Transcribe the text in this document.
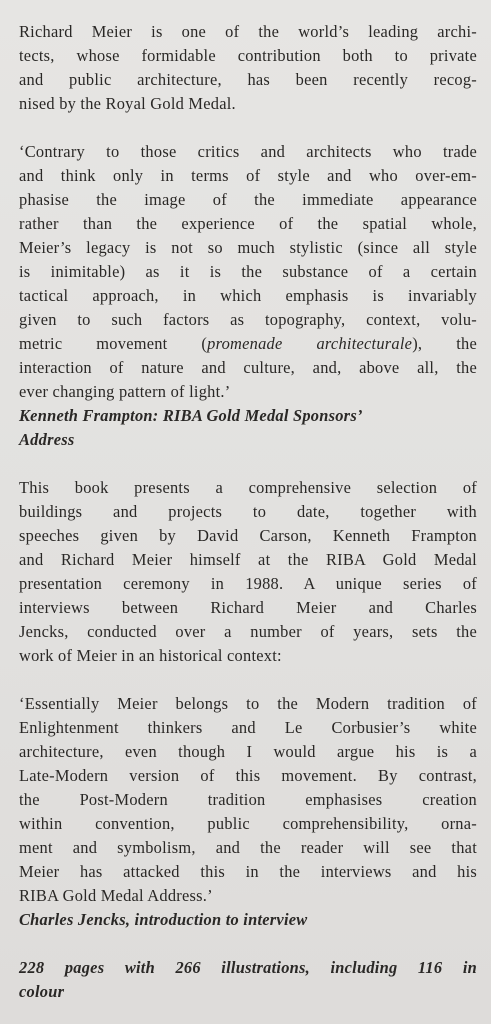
Richard Meier is one of the world’s leading archi-
tects, whose formidable contribution both to private
and public architecture, has been recently recog-
nised by the Royal Gold Medal.
‘Contrary to those critics and architects who trade
and think only in terms of style and who over-em-
phasise the image of the immediate appearance
rather than the experience of the spatial whole,
Meier’s legacy is not so much stylistic (since all style
is inimitable) as it is the substance of a certain
tactical approach, in which emphasis is invariably
given to such factors as topography, context, volu-
metric movement (promenade architecturale), the
interaction of nature and culture, and, above all, the
ever changing pattern of light.’
Kenneth Frampton: RIBA Gold Medal Sponsors’
Address
This book presents a comprehensive selection of
buildings and projects to date, together with
speeches given by David Carson, Kenneth Frampton
and Richard Meier himself at the RIBA Gold Medal
presentation ceremony in 1988. A unique series of
interviews between Richard Meier and Charles
Jencks, conducted over a number of years, sets the
work of Meier in an historical context:
‘Essentially Meier belongs to the Modern tradition of
Enlightenment thinkers and Le Corbusier’s white
architecture, even though I would argue his is a
Late-Modern version of this movement. By contrast,
the Post-Modern tradition emphasises creation
within convention, public comprehensibility, orna-
ment and symbolism, and the reader will see that
Meier has attacked this in the interviews and his
RIBA Gold Medal Address.’
Charles Jencks, introduction to interview
228 pages with 266 illustrations, including 116 in
colour
